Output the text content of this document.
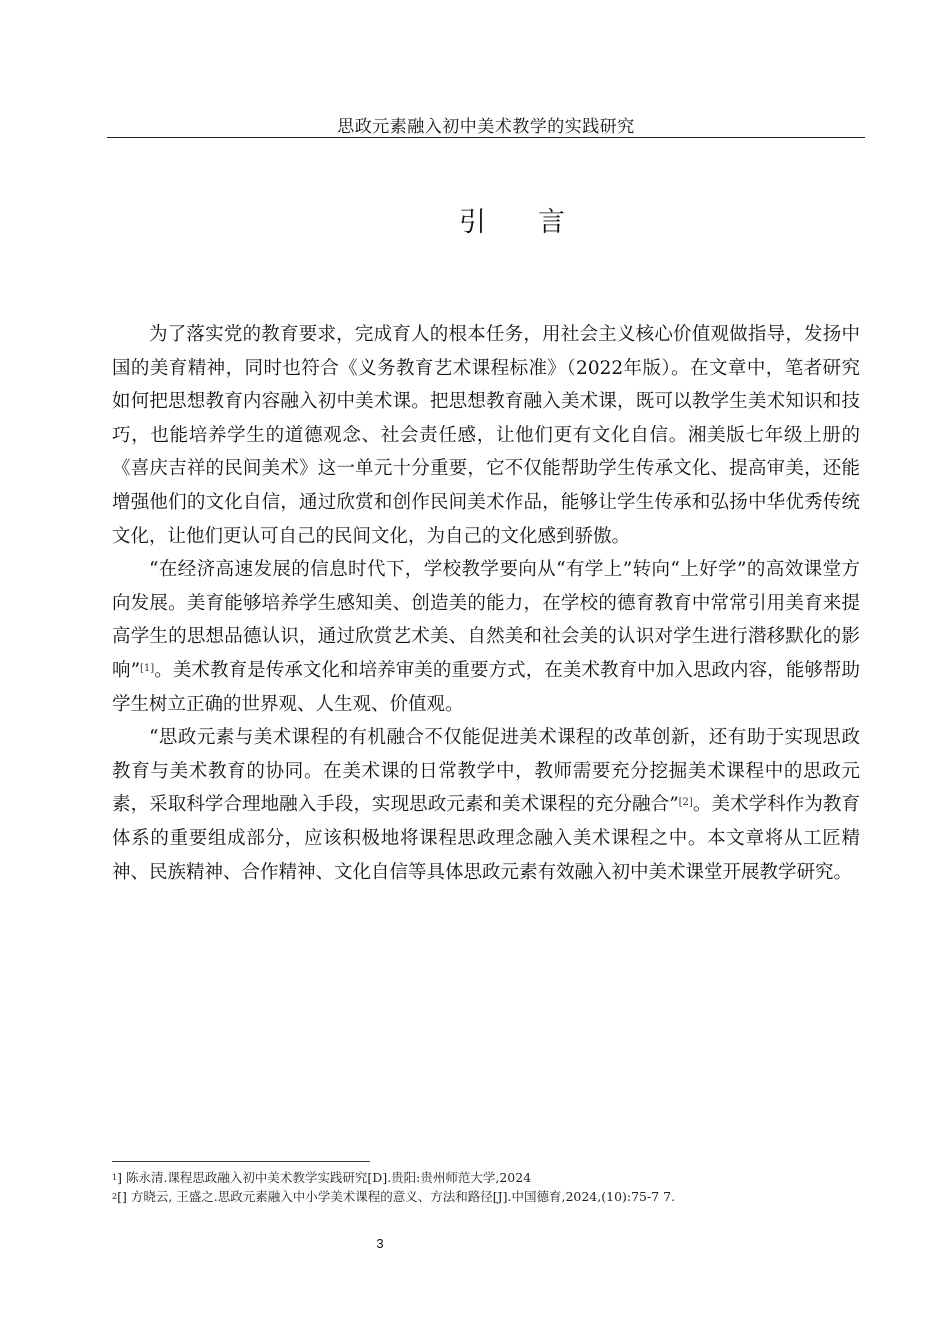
思政元素融入初中美术教学的实践研究
引 言

为了落实党的教育要求，完成育人的根本任务，用社会主义核心价值观做指导，发扬中国的美育精神，同时也符合《义务教育艺术课程标准》（2022年版）。在文章中，笔者研究如何把思想教育内容融入初中美术课。把思想教育融入美术课，既可以教学生美术知识和技巧，也能培养学生的道德观念、社会责任感，让他们更有文化自信。湘美版七年级上册的《喜庆吉祥的民间美术》这一单元十分重要，它不仅能帮助学生传承文化、提高审美，还能增强他们的文化自信，通过欣赏和创作民间美术作品，能够让学生传承和弘扬中华优秀传统文化，让他们更认可自己的民间文化，为自己的文化感到骄傲。

“在经济高速发展的信息时代下，学校教学要向从“有学上”转向“上好学”的高效课堂方向发展。美育能够培养学生感知美、创造美的能力，在学校的德育教育中常常引用美育来提高学生的思想品德认识，通过欣赏艺术美、自然美和社会美的认识对学生进行潜移默化的影响”[1]。美术教育是传承文化和培养审美的重要方式，在美术教育中加入思政内容，能够帮助学生树立正确的世界观、人生观、价值观。

“思政元素与美术课程的有机融合不仅能促进美术课程的改革创新，还有助于实现思政教育与美术教育的协同。在美术课的日常教学中，教师需要充分挖掘美术课程中的思政元素，采取科学合理地融入手段，实现思政元素和美术课程的充分融合”[2]。美术学科作为教育体系的重要组成部分，应该积极地将课程思政理念融入美术课程之中。本文章将从工匠精神、民族精神、合作精神、文化自信等具体思政元素有效融入初中美术课堂开展教学研究。

$^1$] 陈永清.课程思政融入初中美术教学实践研究[D].贵阳:贵州师范大学,2024
$^2$[] 方晓云, 王盛之.思政元素融入中小学美术课程的意义、方法和路径[J].中国德育,2024,(10):75-7 7.
3
